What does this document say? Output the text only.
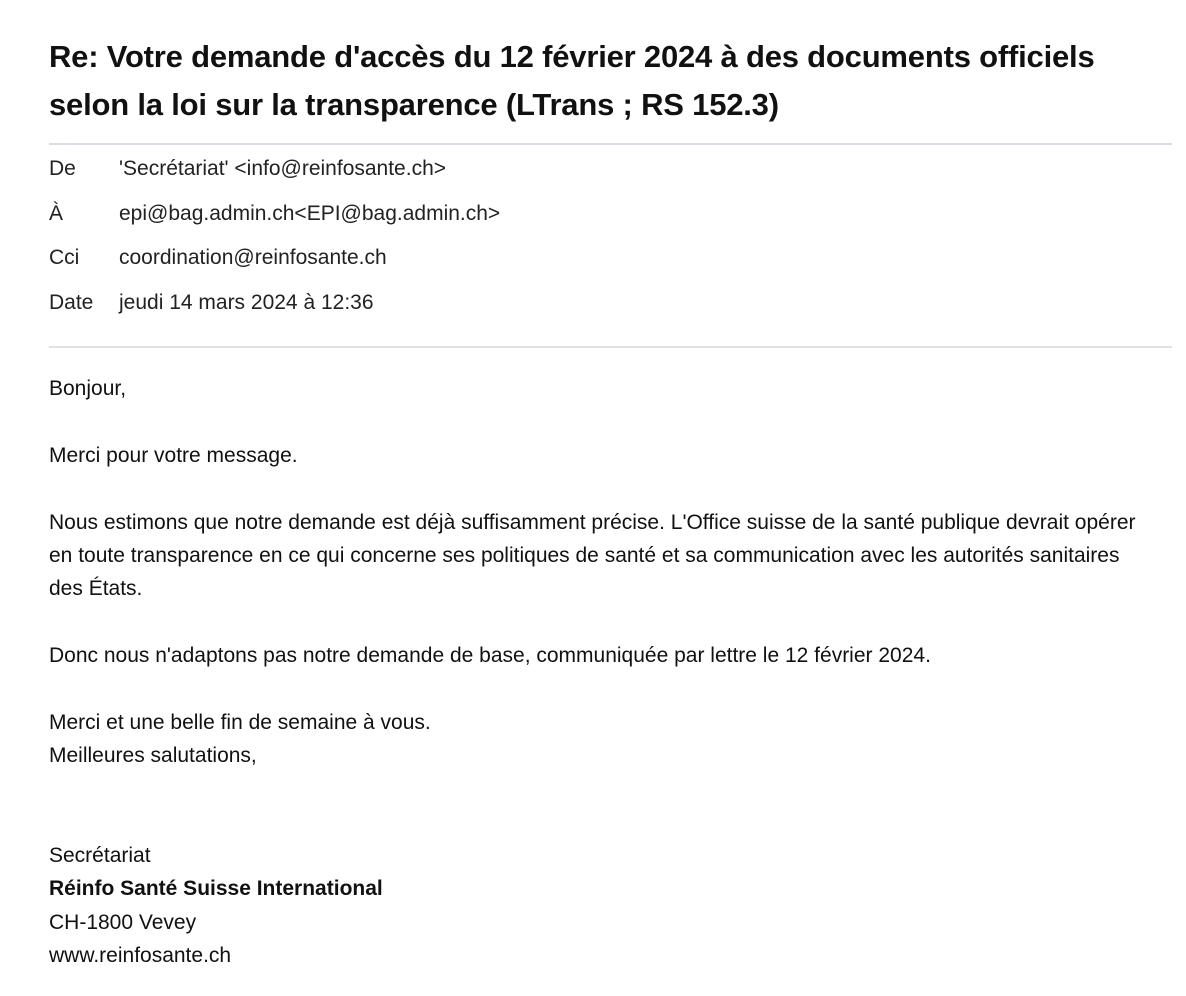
Re: Votre demande d'accès du 12 février 2024 à des documents officiels selon la loi sur la transparence (LTrans ; RS 152.3)
De	'Secrétariat' <info@reinfosante.ch>
À	epi@bag.admin.ch<EPI@bag.admin.ch>
Cci	coordination@reinfosante.ch
Date	jeudi 14 mars 2024 à 12:36

Bonjour,

Merci pour votre message.

Nous estimons que notre demande est déjà suffisamment précise. L'Office suisse de la santé publique devrait opérer en toute transparence en ce qui concerne ses politiques de santé et sa communication avec les autorités sanitaires des États.

Donc nous n'adaptons pas notre demande de base, communiquée par lettre le 12 février 2024.

Merci et une belle fin de semaine à vous.

Meilleures salutations,

Secrétariat
Réinfo Santé Suisse International
CH-1800 Vevey
www.reinfosante.ch
